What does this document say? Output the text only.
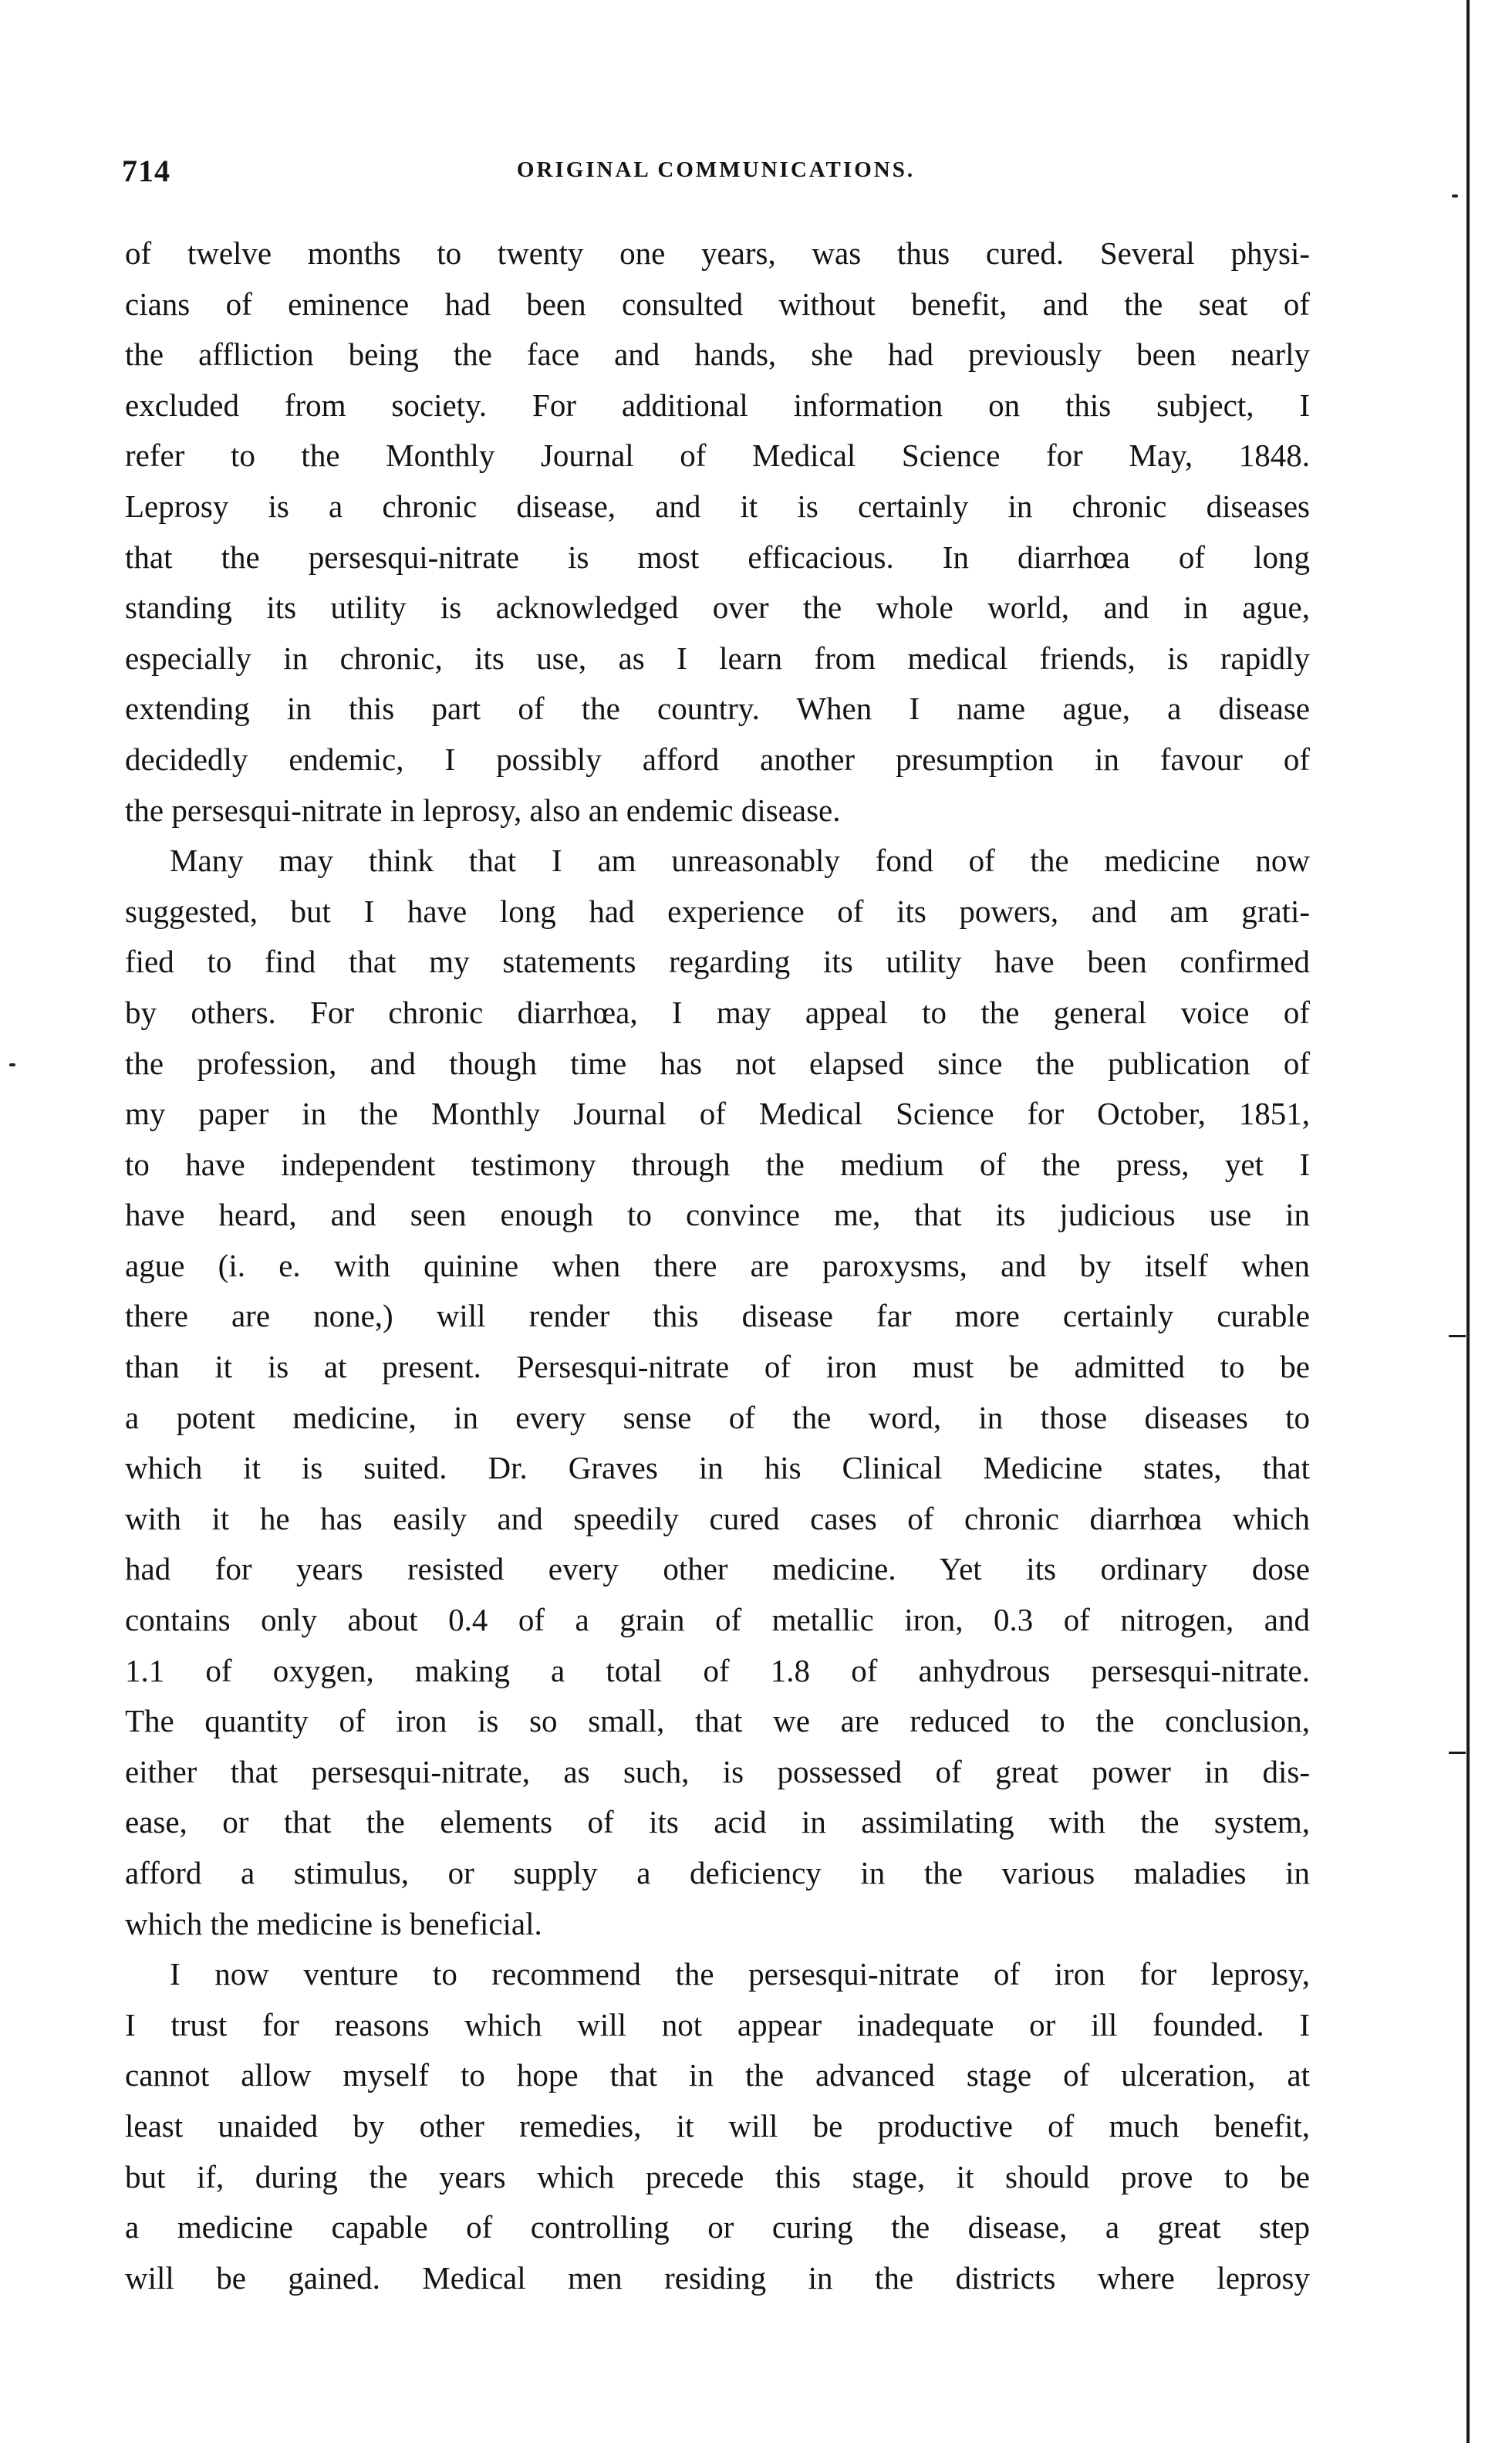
714	ORIGINAL COMMUNICATIONS.
of twelve months to twenty one years, was thus cured. Several physi-
cians of eminence had been consulted without benefit, and the seat of
the affliction being the face and hands, she had previously been nearly
excluded from society. For additional information on this subject, I
refer to the Monthly Journal of Medical Science for May, 1848.
Leprosy is a chronic disease, and it is certainly in chronic diseases
that the persesqui-nitrate is most efficacious. In diarrhœa of long
standing its utility is acknowledged over the whole world, and in ague,
especially in chronic, its use, as I learn from medical friends, is rapidly
extending in this part of the country. When I name ague, a disease
decidedly endemic, I possibly afford another presumption in favour of
the persesqui-nitrate in leprosy, also an endemic disease.
Many may think that I am unreasonably fond of the medicine now
suggested, but I have long had experience of its powers, and am grati-
fied to find that my statements regarding its utility have been confirmed
by others. For chronic diarrhœa, I may appeal to the general voice of
the profession, and though time has not elapsed since the publication of
my paper in the Monthly Journal of Medical Science for October, 1851,
to have independent testimony through the medium of the press, yet I
have heard, and seen enough to convince me, that its judicious use in
ague (i. e. with quinine when there are paroxysms, and by itself when
there are none,) will render this disease far more certainly curable
than it is at present. Persesqui-nitrate of iron must be admitted to be
a potent medicine, in every sense of the word, in those diseases to
which it is suited. Dr. Graves in his Clinical Medicine states, that
with it he has easily and speedily cured cases of chronic diarrhœa which
had for years resisted every other medicine. Yet its ordinary dose
contains only about 0.4 of a grain of metallic iron, 0.3 of nitrogen, and
1.1 of oxygen, making a total of 1.8 of anhydrous persesqui-nitrate.
The quantity of iron is so small, that we are reduced to the conclusion,
either that persesqui-nitrate, as such, is possessed of great power in dis-
ease, or that the elements of its acid in assimilating with the system,
afford a stimulus, or supply a deficiency in the various maladies in
which the medicine is beneficial.
I now venture to recommend the persesqui-nitrate of iron for leprosy,
I trust for reasons which will not appear inadequate or ill founded. I
cannot allow myself to hope that in the advanced stage of ulceration, at
least unaided by other remedies, it will be productive of much benefit,
but if, during the years which precede this stage, it should prove to be
a medicine capable of controlling or curing the disease, a great step
will be gained. Medical men residing in the districts where leprosy
